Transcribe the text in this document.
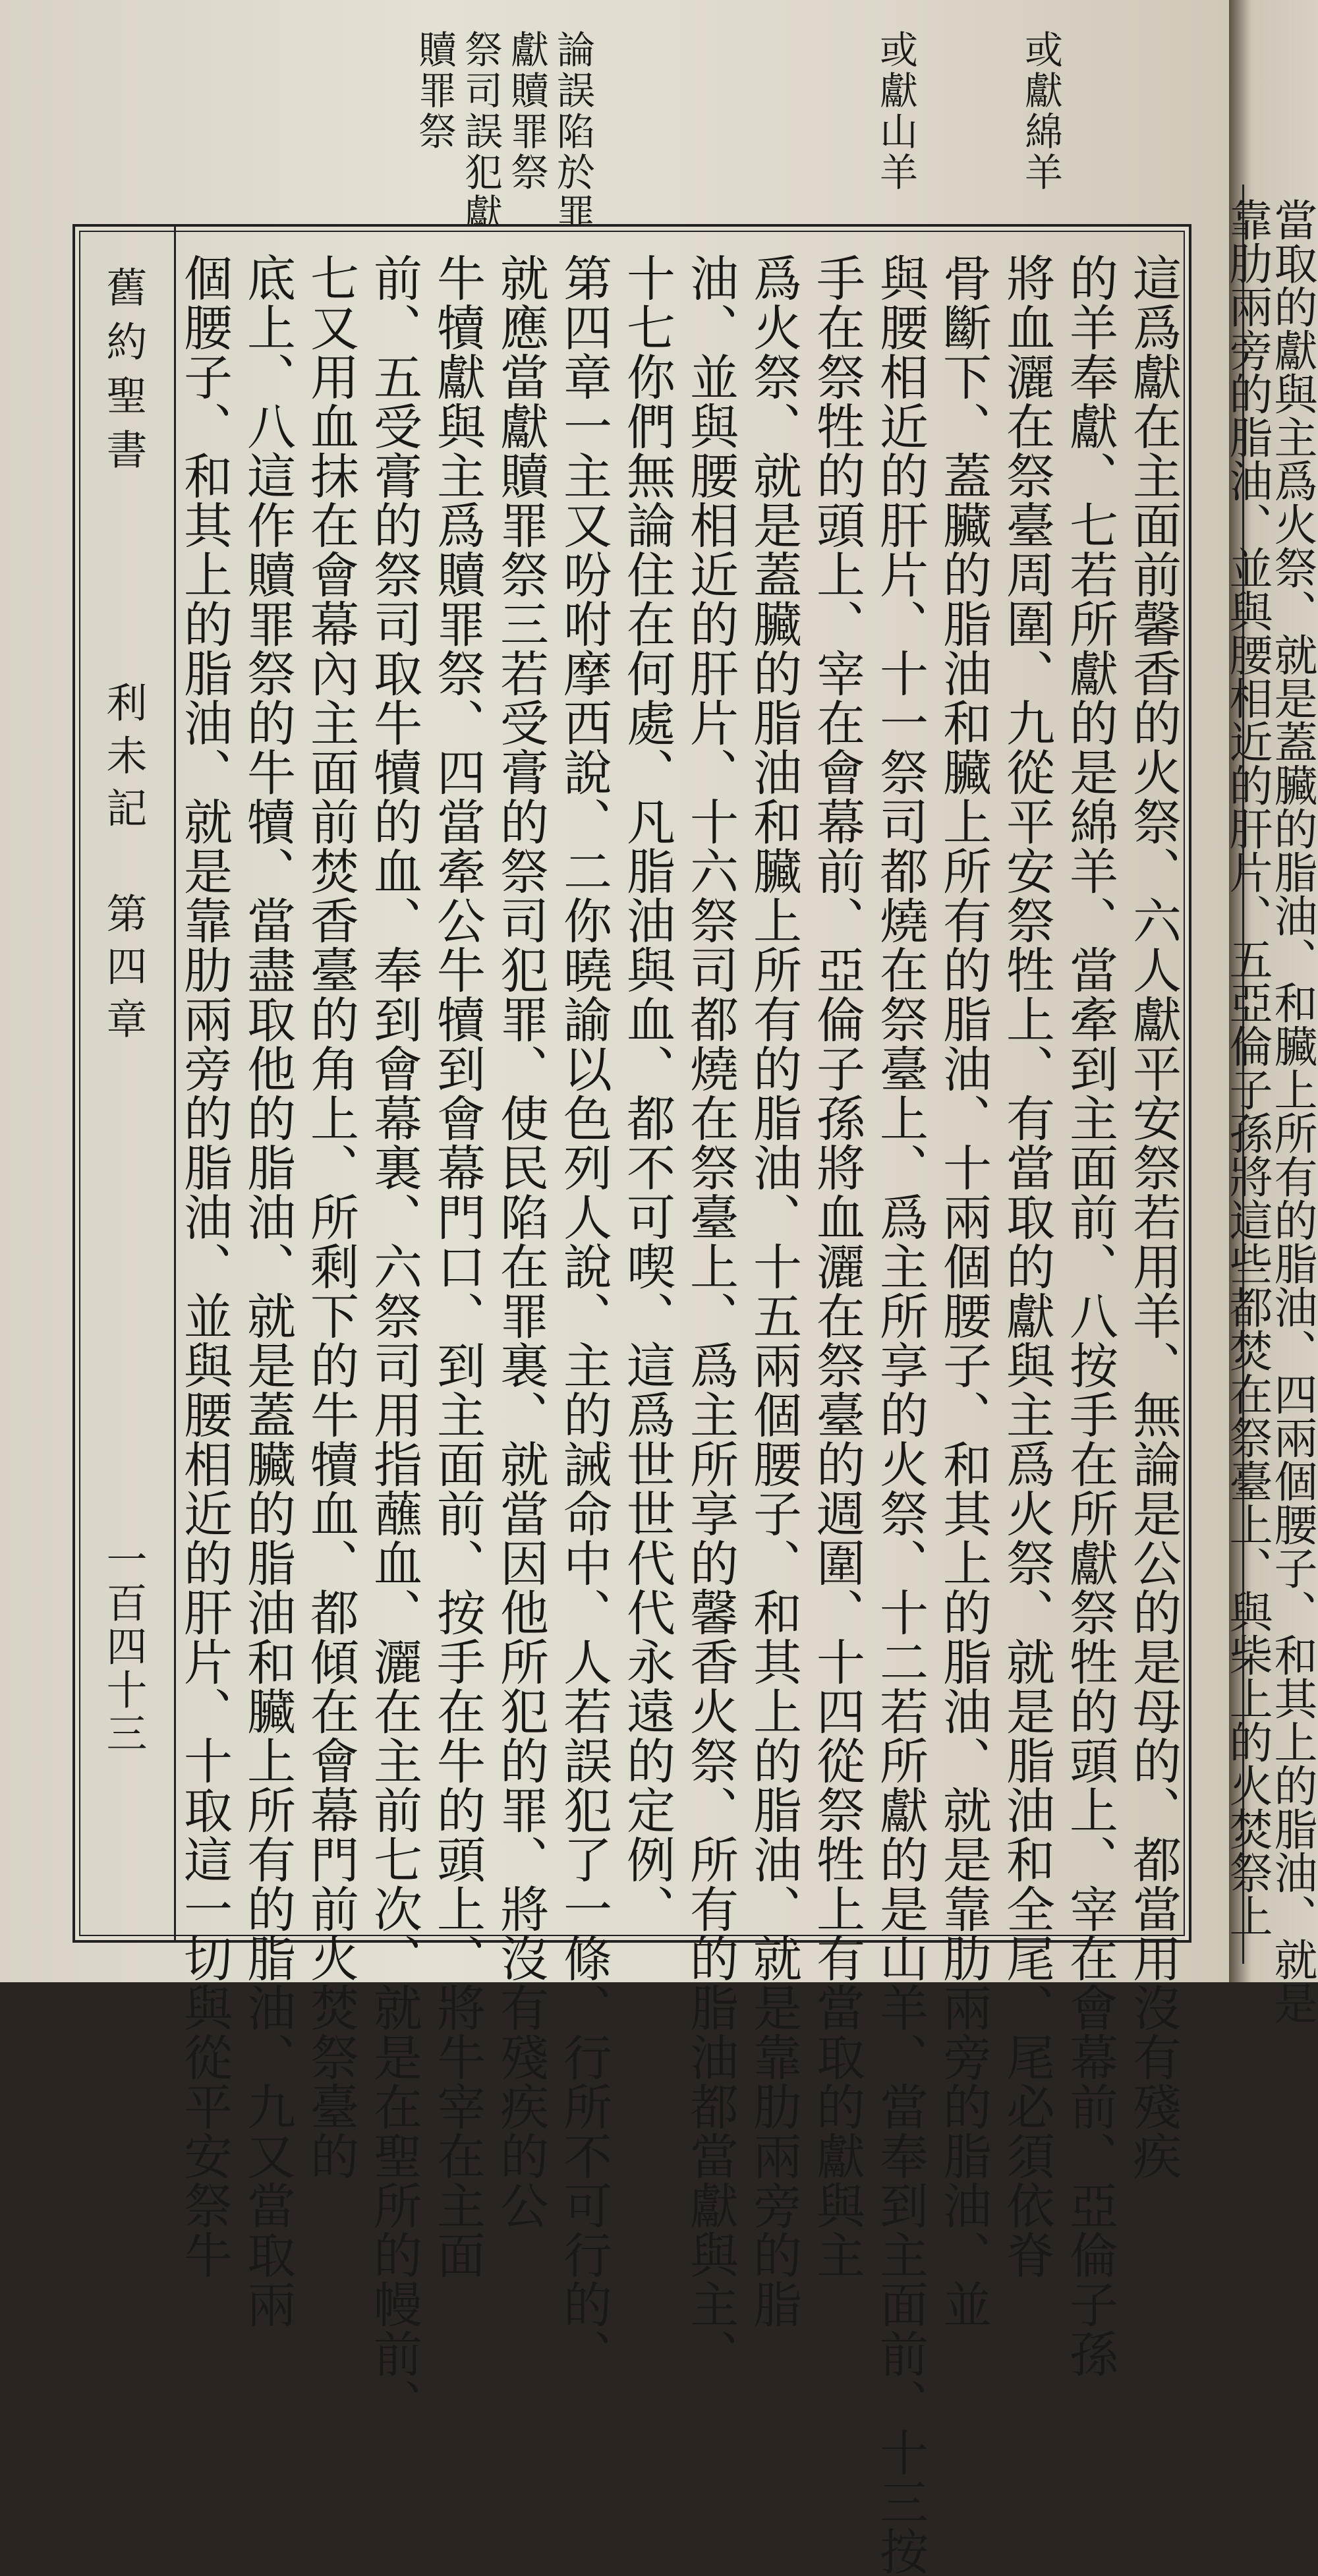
或獻綿羊
或獻山羊
論誤陷於罪
獻贖罪祭
祭司誤犯獻
贖罪祭
舊約聖書
利未記　第四章
一百四十三	這爲獻在主面前馨香的火祭、六人獻平安祭若用羊、無論是公的是母的、都當用沒有殘疾
的羊奉獻、七若所獻的是綿羊、當牽到主面前、八按手在所獻祭牲的頭上、宰在會幕前、亞倫子孫
將血灑在祭臺周圍、九從平安祭牲上、有當取的獻與主爲火祭、就是脂油和全尾、尾必須依脊
骨斷下、蓋臟的脂油和臟上所有的脂油、十兩個腰子、和其上的脂油、就是靠肋兩旁的脂油、並
與腰相近的肝片、十一祭司都燒在祭臺上、爲主所享的火祭、十二若所獻的是山羊、當奉到主面前、十三按
手在祭牲的頭上、宰在會幕前、亞倫子孫將血灑在祭臺的週圍、十四從祭牲上有當取的獻與主
爲火祭、就是蓋臟的脂油和臟上所有的脂油、十五兩個腰子、和其上的脂油、就是靠肋兩旁的脂
油、並與腰相近的肝片、十六祭司都燒在祭臺上、爲主所享的馨香火祭、所有的脂油都當獻與主、
十七你們無論住在何處、凡脂油與血、都不可喫、這爲世世代代永遠的定例、
第四章一主又吩咐摩西說、二你曉諭以色列人說、主的誡命中、人若誤犯了一條、行所不可行的、
就應當獻贖罪祭三若受膏的祭司犯罪、使民陷在罪裏、就當因他所犯的罪、將沒有殘疾的公
牛犢獻與主爲贖罪祭、四當牽公牛犢到會幕門口、到主面前、按手在牛的頭上、將牛宰在主面
前、五受膏的祭司取牛犢的血、奉到會幕裏、六祭司用指蘸血、灑在主前七次、就是在聖所的幔前、
七又用血抹在會幕內主面前焚香臺的角上、所剩下的牛犢血、都傾在會幕門前火焚祭臺的
底上、八這作贖罪祭的牛犢、當盡取他的脂油、就是蓋臟的脂油和臟上所有的脂油、九又當取兩
個腰子、和其上的脂油、就是靠肋兩旁的脂油、並與腰相近的肝片、十取這一切與從平安祭牛	當取的獻與主爲火祭、就是蓋臟的脂油、和臟上所有的脂油、四兩個腰子、和其上的脂油、就是
靠肋兩旁的脂油、並與腰相近的肝片、五亞倫子孫將這些都焚在祭臺上、與柴上的火焚祭上
